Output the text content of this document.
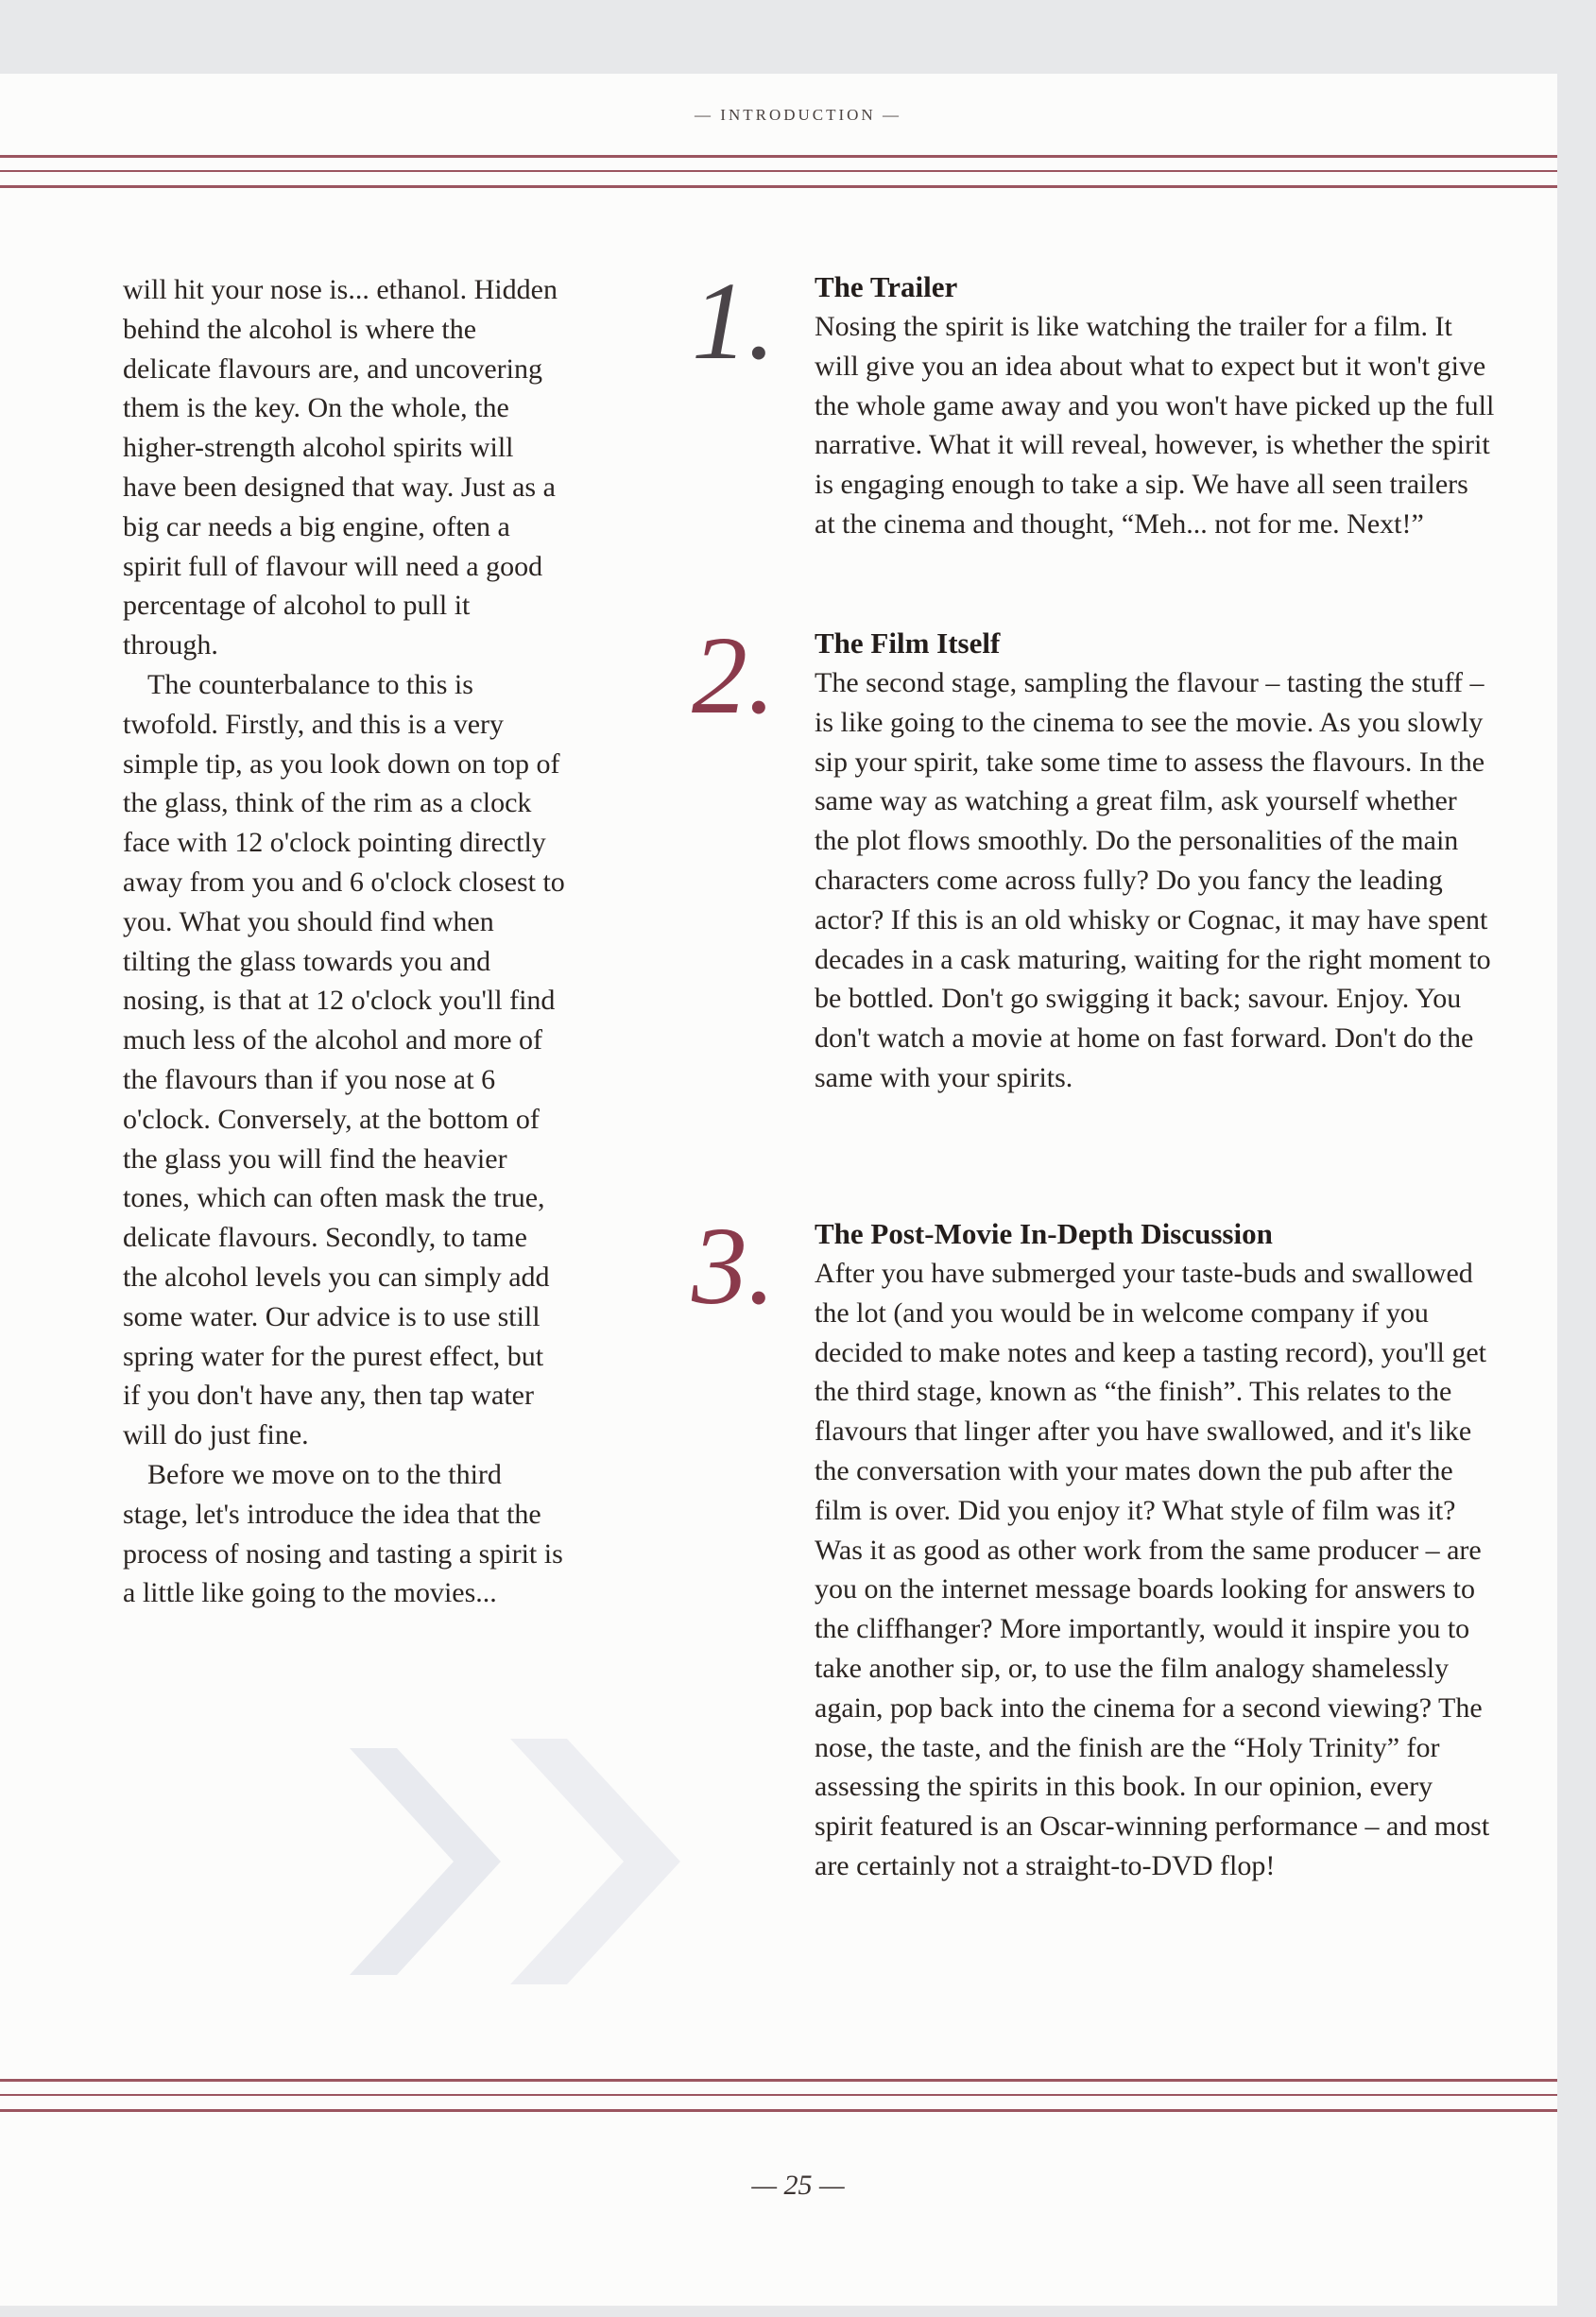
— INTRODUCTION —

will hit your nose is... ethanol. Hidden behind the alcohol is where the delicate flavours are, and uncovering them is the key. On the whole, the higher-strength alcohol spirits will have been designed that way. Just as a big car needs a big engine, often a spirit full of flavour will need a good percentage of alcohol to pull it through.

The counterbalance to this is twofold. Firstly, and this is a very simple tip, as you look down on top of the glass, think of the rim as a clock face with 12 o'clock pointing directly away from you and 6 o'clock closest to you. What you should find when tilting the glass towards you and nosing, is that at 12 o'clock you'll find much less of the alcohol and more of the flavours than if you nose at 6 o'clock. Conversely, at the bottom of the glass you will find the heavier tones, which can often mask the true, delicate flavours. Secondly, to tame the alcohol levels you can simply add some water. Our advice is to use still spring water for the purest effect, but if you don't have any, then tap water will do just fine.

Before we move on to the third stage, let's introduce the idea that the process of nosing and tasting a spirit is a little like going to the movies...

1. The Trailer

Nosing the spirit is like watching the trailer for a film. It will give you an idea about what to expect but it won't give the whole game away and you won't have picked up the full narrative. What it will reveal, however, is whether the spirit is engaging enough to take a sip. We have all seen trailers at the cinema and thought, “Meh... not for me. Next!”

2. The Film Itself

The second stage, sampling the flavour – tasting the stuff – is like going to the cinema to see the movie. As you slowly sip your spirit, take some time to assess the flavours. In the same way as watching a great film, ask yourself whether the plot flows smoothly. Do the personalities of the main characters come across fully? Do you fancy the leading actor? If this is an old whisky or Cognac, it may have spent decades in a cask maturing, waiting for the right moment to be bottled. Don't go swigging it back; savour. Enjoy. You don't watch a movie at home on fast forward. Don't do the same with your spirits.

3. The Post-Movie In-Depth Discussion

After you have submerged your taste-buds and swallowed the lot (and you would be in welcome company if you decided to make notes and keep a tasting record), you'll get the third stage, known as “the finish”. This relates to the flavours that linger after you have swallowed, and it's like the conversation with your mates down the pub after the film is over. Did you enjoy it? What style of film was it? Was it as good as other work from the same producer – are you on the internet message boards looking for answers to the cliffhanger? More importantly, would it inspire you to take another sip, or, to use the film analogy shamelessly again, pop back into the cinema for a second viewing? The nose, the taste, and the finish are the “Holy Trinity” for assessing the spirits in this book. In our opinion, every spirit featured is an Oscar-winning performance – and most are certainly not a straight-to-DVD flop!

— 25 —
